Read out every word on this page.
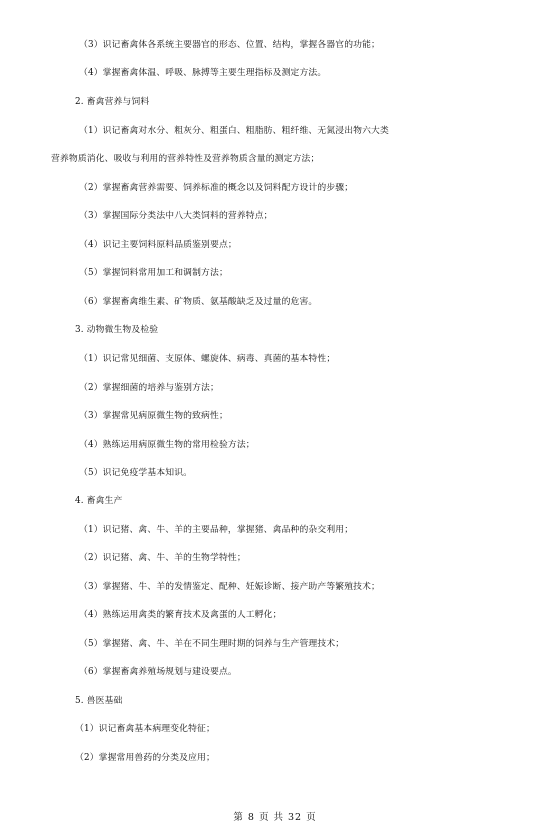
（3）识记畜禽体各系统主要器官的形态、位置、结构，掌握各器官的功能；
（4）掌握畜禽体温、呼吸、脉搏等主要生理指标及测定方法。
2. 畜禽营养与饲料
（1）识记畜禽对水分、粗灰分、粗蛋白、粗脂肪、粗纤维、无氮浸出物六大类
营养物质消化、吸收与利用的营养特性及营养物质含量的测定方法；
（2）掌握畜禽营养需要、饲养标准的概念以及饲料配方设计的步骤；
（3）掌握国际分类法中八大类饲料的营养特点；
（4）识记主要饲料原料品质鉴别要点；
（5）掌握饲料常用加工和调制方法；
（6）掌握畜禽维生素、矿物质、氨基酸缺乏及过量的危害。
3. 动物微生物及检验
（1）识记常见细菌、支原体、螺旋体、病毒、真菌的基本特性；
（2）掌握细菌的培养与鉴别方法；
（3）掌握常见病原微生物的致病性；
（4）熟练运用病原微生物的常用检验方法；
（5）识记免疫学基本知识。
4. 畜禽生产
（1）识记猪、禽、牛、羊的主要品种，掌握猪、禽品种的杂交利用；
（2）识记猪、禽、牛、羊的生物学特性；
（3）掌握猪、牛、羊的发情鉴定、配种、妊娠诊断、接产助产等繁殖技术；
（4）熟练运用禽类的繁育技术及禽蛋的人工孵化；
（5）掌握猪、禽、牛、羊在不同生理时期的饲养与生产管理技术；
（6）掌握畜禽养殖场规划与建设要点。
5. 兽医基础
（1）识记畜禽基本病理变化特征；
（2）掌握常用兽药的分类及应用；
第 8 页 共 32 页
